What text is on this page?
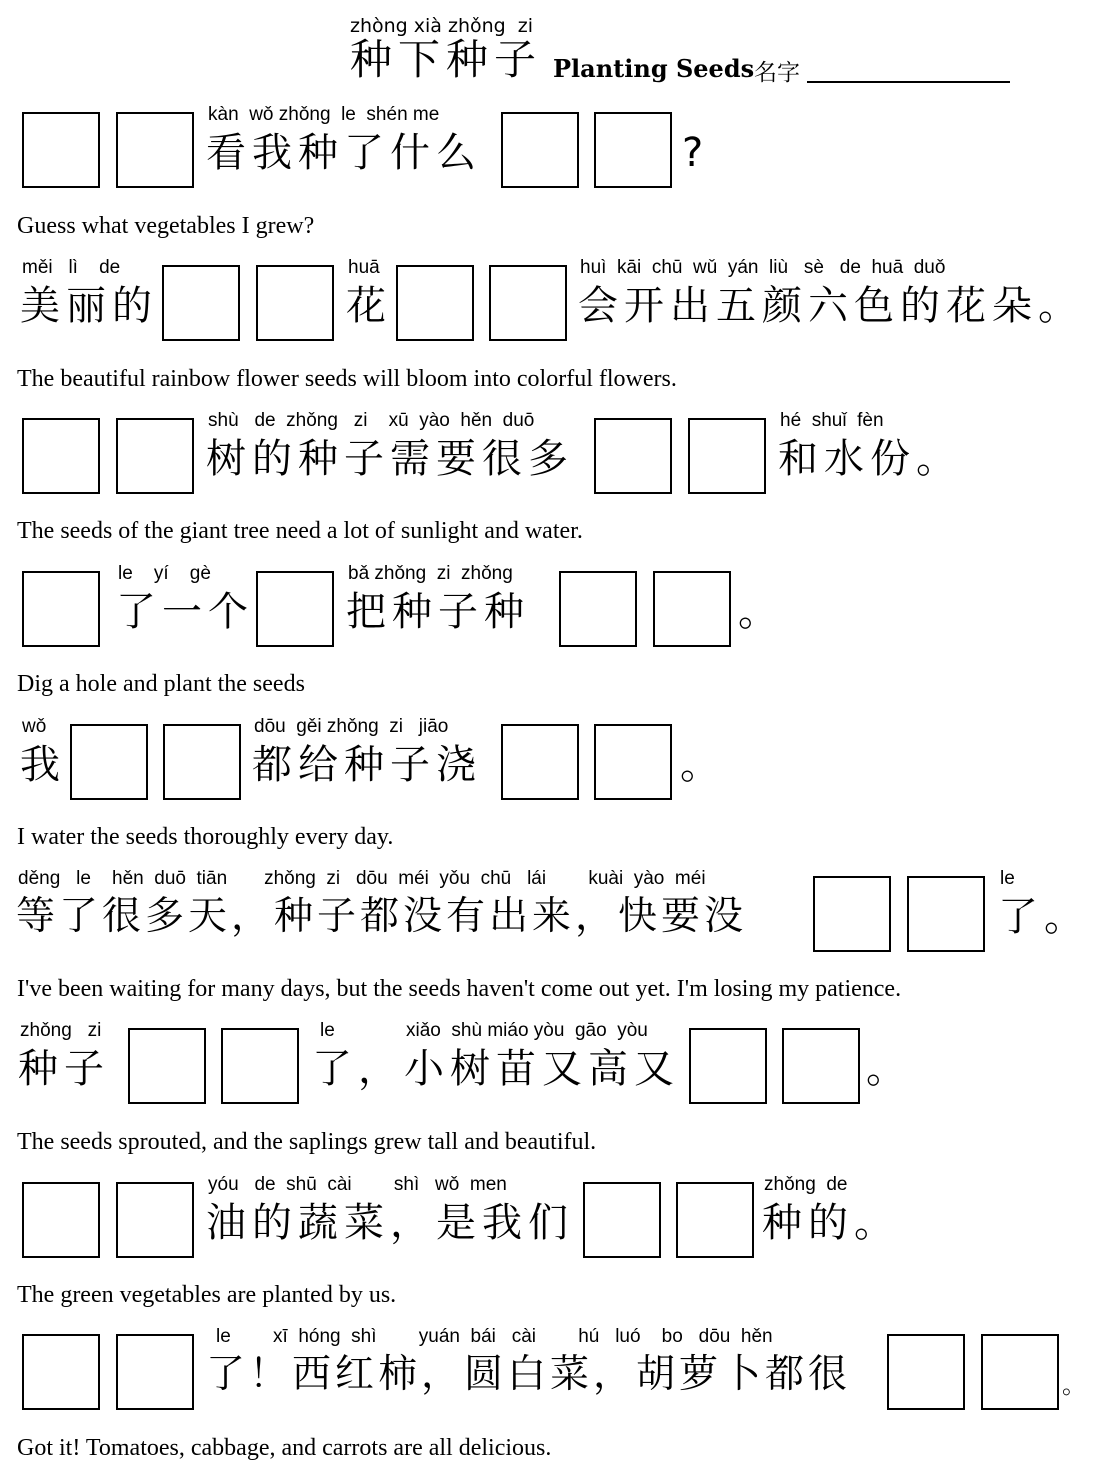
zhòng xià zhǒng  zi
种下种子 Planting Seeds 名字
kàn  wǒ zhǒng  le  shén me
看我种了什么	?
Guess what vegetables I grew?
měi   lì    de
美丽的
huā
花
huì  kāi  chū  wǔ  yán  liù   sè   de  huā  duǒ
会开出五颜六色的花朵。
The beautiful rainbow flower seeds will bloom into colorful flowers.
shù   de  zhǒng   zi    xū  yào  hěn  duō
树的种子需要很多
hé  shuǐ  fèn
和水份。
The seeds of the giant tree need a lot of sunlight and water.
le    yí    gè
了一个
bǎ zhǒng  zi  zhǒng
把种子种	。
Dig a hole and plant the seeds
wǒ
我
dōu  gěi zhǒng  zi   jiāo
都给种子浇	。
I water the seeds thoroughly every day.
děng   le    hěn  duō  tiān       zhǒng  zi   dōu  méi  yǒu  chū   lái        kuài  yào  méi
等了很多天，种子都没有出来，快要没
le
了。
I've been waiting for many days, but the seeds haven't come out yet. I'm losing my patience.
zhǒng   zi
种子
le
了，
xiǎo  shù miáo yòu  gāo  yòu
小树苗又高又	。
The seeds sprouted, and the saplings grew tall and beautiful.
yóu   de  shū  cài        shì   wǒ  men
油的蔬菜，是我们
zhǒng  de
种的。
The green vegetables are planted by us.
le        xī  hóng  shì        yuán  bái   cài        hú   luó    bo   dōu  hěn
了！西红柿，圆白菜，胡萝卜都很	。
Got it! Tomatoes, cabbage, and carrots are all delicious.
